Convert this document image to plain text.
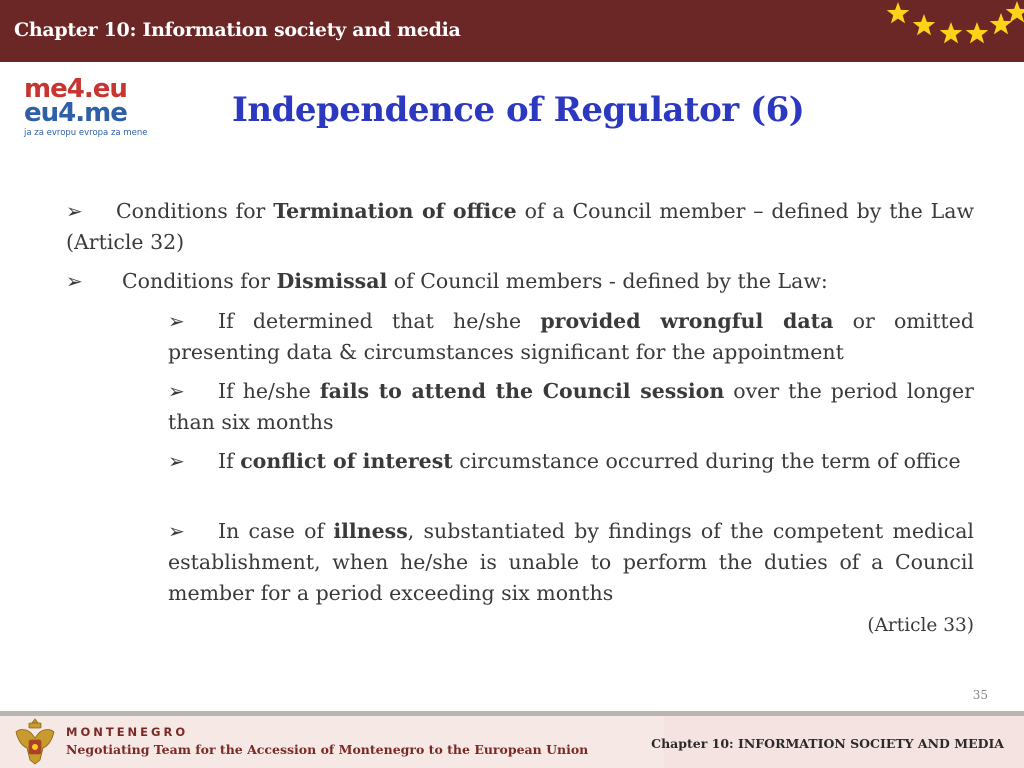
Chapter 10: Information society and media
me4.eu
eu4.me
ja za evropu evropa za mene
Independence of Regulator (6)
➢ Conditions for Termination of office of a Council member – defined by the Law (Article 32)
➢ Conditions for Dismissal of Council members - defined by the Law:
➢ If determined that he/she provided wrongful data or omitted presenting data & circumstances significant for the appointment
➢ If he/she fails to attend the Council session over the period longer than six months
➢ If conflict of interest circumstance occurred during the term of office
➢ In case of illness, substantiated by findings of the competent medical establishment, when he/she is unable to perform the duties of a Council member for a period exceeding six months
(Article 33)
35
MONTENEGRO
Negotiating Team for the Accession of Montenegro to the European Union	Chapter 10: INFORMATION SOCIETY AND MEDIA
